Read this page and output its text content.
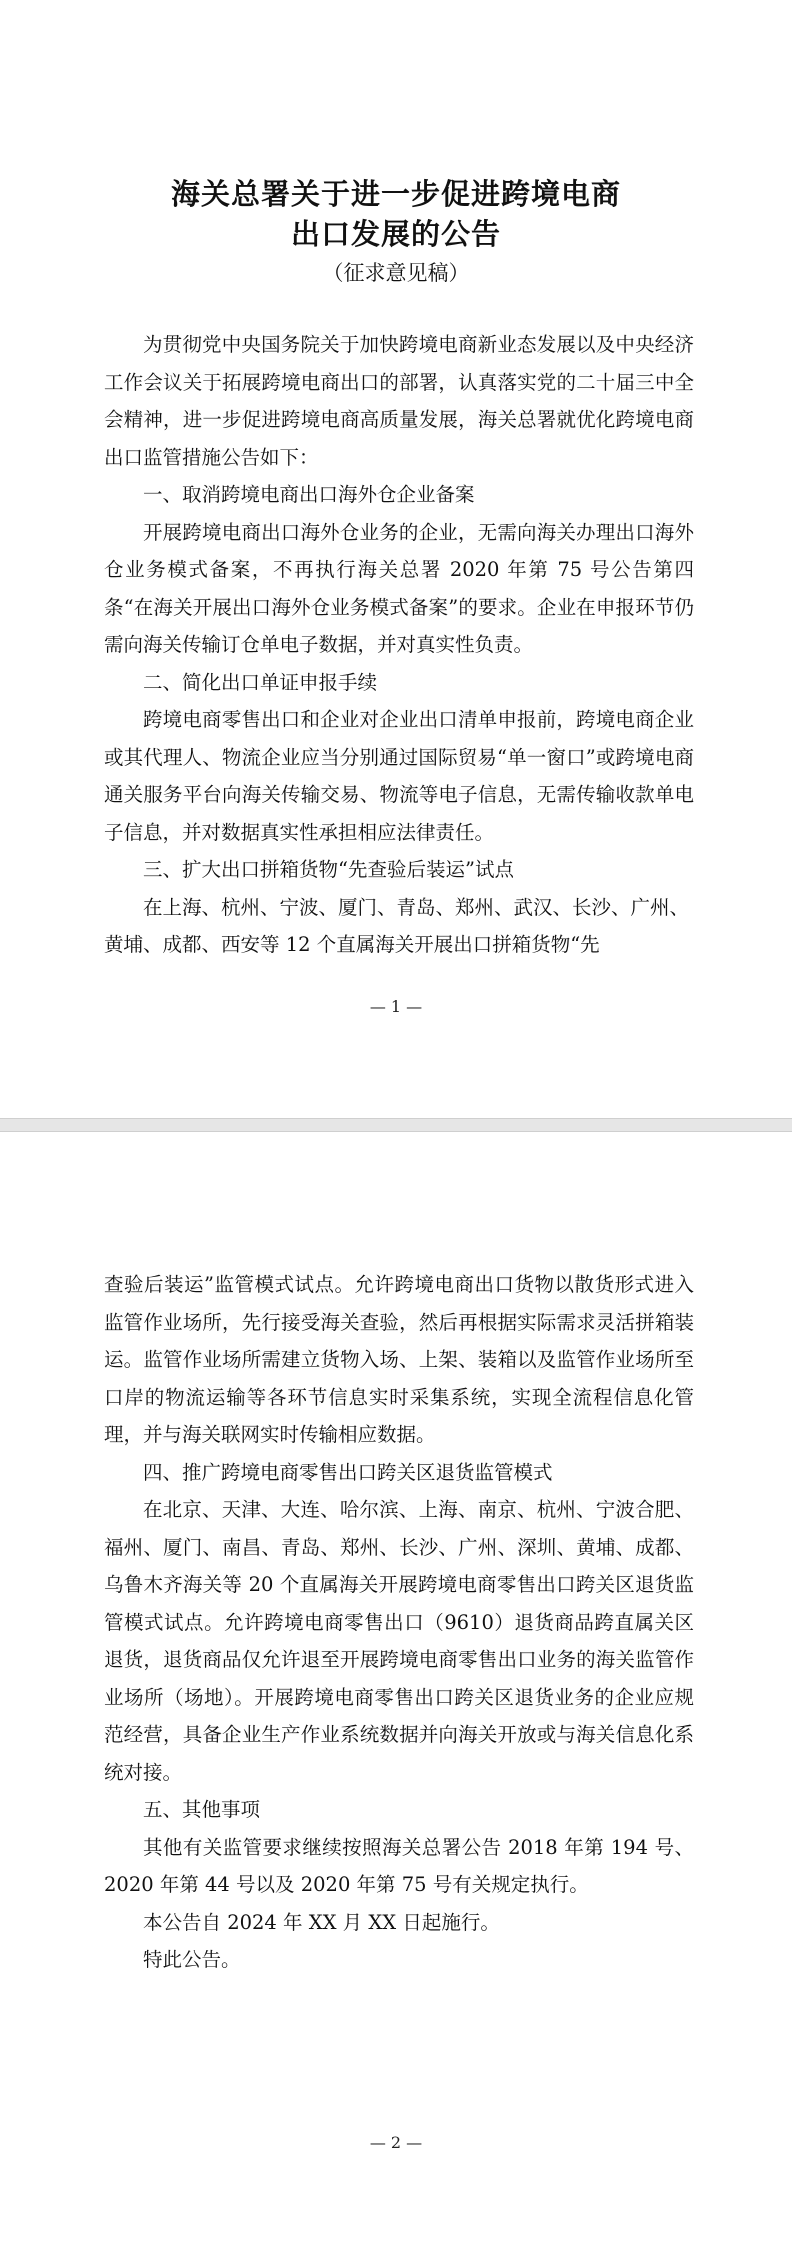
海关总署关于进一步促进跨境电商
出口发展的公告
（征求意见稿）

为贯彻党中央国务院关于加快跨境电商新业态发展以及中央经济工作会议关于拓展跨境电商出口的部署，认真落实党的二十届三中全会精神，进一步促进跨境电商高质量发展，海关总署就优化跨境电商出口监管措施公告如下：

一、取消跨境电商出口海外仓企业备案

开展跨境电商出口海外仓业务的企业，无需向海关办理出口海外仓业务模式备案，不再执行海关总署 2020 年第 75 号公告第四条“在海关开展出口海外仓业务模式备案”的要求。企业在申报环节仍需向海关传输订仓单电子数据，并对真实性负责。

二、简化出口单证申报手续

跨境电商零售出口和企业对企业出口清单申报前，跨境电商企业或其代理人、物流企业应当分别通过国际贸易“单一窗口”或跨境电商通关服务平台向海关传输交易、物流等电子信息，无需传输收款单电子信息，并对数据真实性承担相应法律责任。

三、扩大出口拼箱货物“先查验后装运”试点

在上海、杭州、宁波、厦门、青岛、郑州、武汉、长沙、广州、黄埔、成都、西安等 12 个直属海关开展出口拼箱货物“先

— 1 —

查验后装运”监管模式试点。允许跨境电商出口货物以散货形式进入监管作业场所，先行接受海关查验，然后再根据实际需求灵活拼箱装运。监管作业场所需建立货物入场、上架、装箱以及监管作业场所至口岸的物流运输等各环节信息实时采集系统，实现全流程信息化管理，并与海关联网实时传输相应数据。

四、推广跨境电商零售出口跨关区退货监管模式

在北京、天津、大连、哈尔滨、上海、南京、杭州、宁波合肥、福州、厦门、南昌、青岛、郑州、长沙、广州、深圳、黄埔、成都、乌鲁木齐海关等 20 个直属海关开展跨境电商零售出口跨关区退货监管模式试点。允许跨境电商零售出口（9610）退货商品跨直属关区退货，退货商品仅允许退至开展跨境电商零售出口业务的海关监管作业场所（场地）。开展跨境电商零售出口跨关区退货业务的企业应规范经营，具备企业生产作业系统数据并向海关开放或与海关信息化系统对接。

五、其他事项

其他有关监管要求继续按照海关总署公告 2018 年第 194 号、2020 年第 44 号以及 2020 年第 75 号有关规定执行。

本公告自 2024 年 XX 月 XX 日起施行。

特此公告。

— 2 —
